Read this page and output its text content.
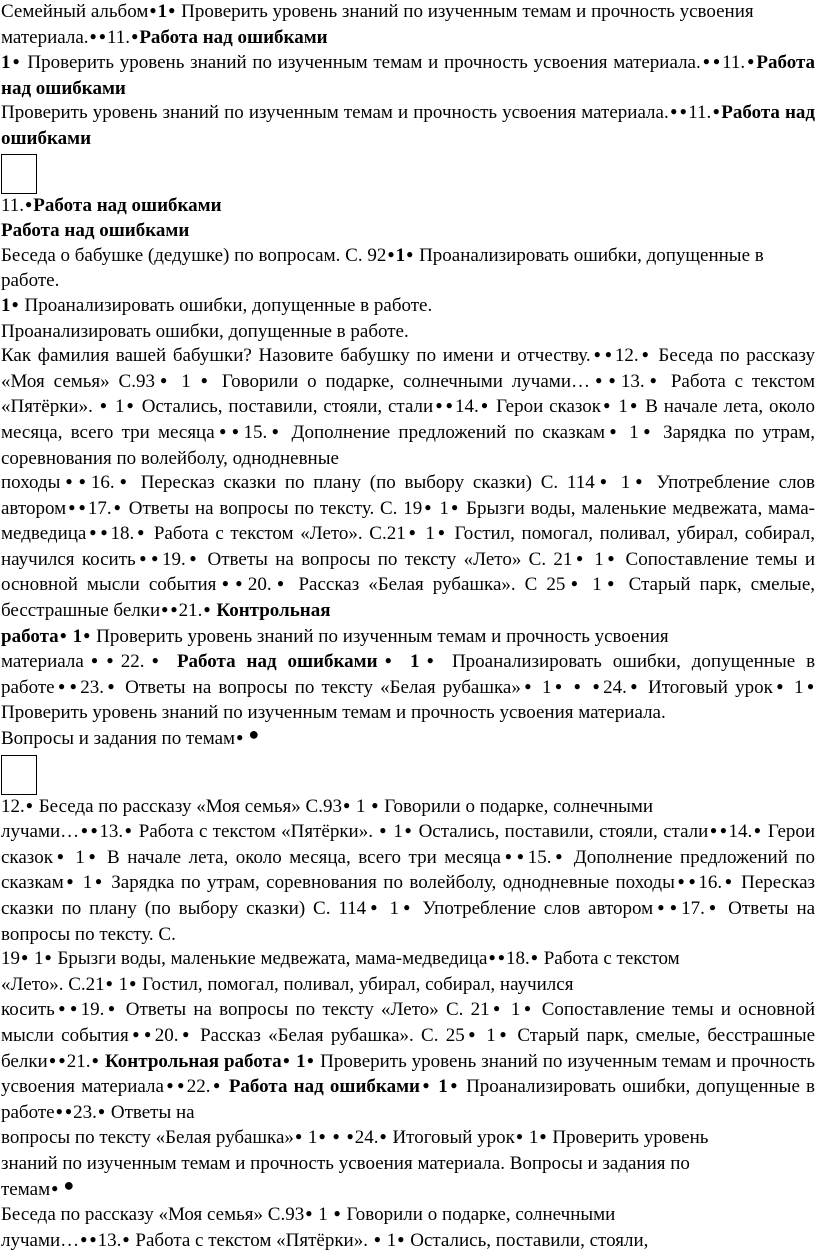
Семейный альбом●1● Проверить уровень знаний по изученным темам и прочность усвоения материала.● ●11.●Работа над ошибками

1● Проверить уровень знаний по изученным темам и прочность усвоения материала.● ●11.●Работа над ошибками

Проверить уровень знаний по изученным темам и прочность усвоения материала.● ●11.●Работа над ошибками

11.●Работа над ошибками

Работа над ошибками

Беседа о бабушке (дедушке) по вопросам. С. 92●1● Проанализировать ошибки, допущенные в работе.

1● Проанализировать ошибки, допущенные в работе.

Проанализировать ошибки, допущенные в работе.

Как фамилия вашей бабушки? Назовите бабушку по имени и отчеству.● ●12.● Беседа по рассказу «Моя семья» С.93● 1 ● Говорили о подарке, солнечными лучами…● ●13.● Работа с текстом «Пятёрки». ● 1● Остались, поставили, стояли, стали● ●14.● Герои сказок● 1● В начале лета, около месяца, всего три месяца● ●15.● Дополнение предложений по сказкам● 1● Зарядка по утрам, соревнования по волейболу, однодневные

походы● ●16.● Пересказ сказки по плану (по выбору сказки) С. 114● 1● Употребление слов автором● ●17.● Ответы на вопросы по тексту. С. 19● 1● Брызги воды, маленькие медвежата, мама-медведица● ●18.● Работа с текстом «Лето». С.21● 1● Гостил, помогал, поливал, убирал, собирал, научился косить● ●19.● Ответы на вопросы по тексту «Лето» С. 21● 1● Сопоставление темы и основной мысли события● ●20.● Рассказ «Белая рубашка». С 25● 1● Старый парк, смелые, бесстрашные белки● ●21.● Контрольная

работа● 1● Проверить уровень знаний по изученным темам и прочность усвоения

материала● ●22.● Работа над ошибками● 1● Проанализировать ошибки, допущенные в работе● ●23.● Ответы на вопросы по тексту «Белая рубашка»● 1● ● ●24.● Итоговый урок● 1● Проверить уровень знаний по изученным темам и прочность усвоения материала.
Вопросы и задания по темам● ●

12.● Беседа по рассказу «Моя семья» С.93● 1 ● Говорили о подарке, солнечными

лучами…● ●13.● Работа с текстом «Пятёрки». ● 1● Остались, поставили, стояли, стали● ●14.● Герои сказок● 1● В начале лета, около месяца, всего три месяца● ●15.● Дополнение предложений по сказкам● 1● Зарядка по утрам, соревнования по волейболу, однодневные походы● ●16.● Пересказ сказки по плану (по выбору сказки) С. 114● 1● Употребление слов автором● ●17.● Ответы на вопросы по тексту. С.

19● 1● Брызги воды, маленькие медвежата, мама-медведица● ●18.● Работа с текстом

«Лето». С.21● 1● Гостил, помогал, поливал, убирал, собирал, научился

косить● ●19.● Ответы на вопросы по тексту «Лето» С. 21● 1● Сопоставление темы и основной мысли события● ●20.● Рассказ «Белая рубашка». С. 25● 1● Старый парк, смелые, бесстрашные белки● ●21.● Контрольная работа● 1● Проверить уровень знаний по изученным темам и прочность усвоения материала● ●22.● Работа над ошибками● 1● Проанализировать ошибки, допущенные в работе● ●23.● Ответы на

вопросы по тексту «Белая рубашка»● 1● ● ●24.● Итоговый урок● 1● Проверить уровень

знаний по изученным темам и прочность усвоения материала. Вопросы и задания по

темам● ●

Беседа по рассказу «Моя семья» С.93● 1 ● Говорили о подарке, солнечными

лучами…● ●13.● Работа с текстом «Пятёрки». ● 1● Остались, поставили, стояли,
